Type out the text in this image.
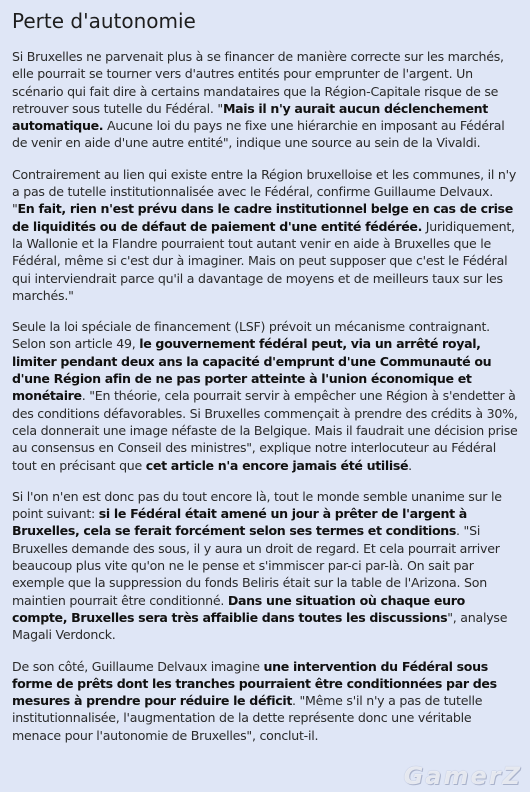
Perte d'autonomie

Si Bruxelles ne parvenait plus à se financer de manière correcte sur les marchés, elle pourrait se tourner vers d'autres entités pour emprunter de l'argent. Un scénario qui fait dire à certains mandataires que la Région-Capitale risque de se retrouver sous tutelle du Fédéral. "Mais il n'y aurait aucun déclenchement automatique. Aucune loi du pays ne fixe une hiérarchie en imposant au Fédéral de venir en aide d'une autre entité", indique une source au sein de la Vivaldi.

Contrairement au lien qui existe entre la Région bruxelloise et les communes, il n'y a pas de tutelle institutionnalisée avec le Fédéral, confirme Guillaume Delvaux. "En fait, rien n'est prévu dans le cadre institutionnel belge en cas de crise de liquidités ou de défaut de paiement d'une entité fédérée. Juridiquement, la Wallonie et la Flandre pourraient tout autant venir en aide à Bruxelles que le Fédéral, même si c'est dur à imaginer. Mais on peut supposer que c'est le Fédéral qui interviendrait parce qu'il a davantage de moyens et de meilleurs taux sur les marchés."

Seule la loi spéciale de financement (LSF) prévoit un mécanisme contraignant. Selon son article 49, le gouvernement fédéral peut, via un arrêté royal, limiter pendant deux ans la capacité d'emprunt d'une Communauté ou d'une Région afin de ne pas porter atteinte à l'union économique et monétaire. "En théorie, cela pourrait servir à empêcher une Région à s'endetter à des conditions défavorables. Si Bruxelles commençait à prendre des crédits à 30%, cela donnerait une image néfaste de la Belgique. Mais il faudrait une décision prise au consensus en Conseil des ministres", explique notre interlocuteur au Fédéral tout en précisant que cet article n'a encore jamais été utilisé.

Si l'on n'en est donc pas du tout encore là, tout le monde semble unanime sur le point suivant: si le Fédéral était amené un jour à prêter de l'argent à Bruxelles, cela se ferait forcément selon ses termes et conditions. "Si Bruxelles demande des sous, il y aura un droit de regard. Et cela pourrait arriver beaucoup plus vite qu'on ne le pense et s'immiscer par-ci par-là. On sait par exemple que la suppression du fonds Beliris était sur la table de l'Arizona. Son maintien pourrait être conditionné. Dans une situation où chaque euro compte, Bruxelles sera très affaiblie dans toutes les discussions", analyse Magali Verdonck.

De son côté, Guillaume Delvaux imagine une intervention du Fédéral sous forme de prêts dont les tranches pourraient être conditionnées par des mesures à prendre pour réduire le déficit. "Même s'il n'y a pas de tutelle institutionnalisée, l'augmentation de la dette représente donc une véritable menace pour l'autonomie de Bruxelles", conclut-il.

GamerZ
